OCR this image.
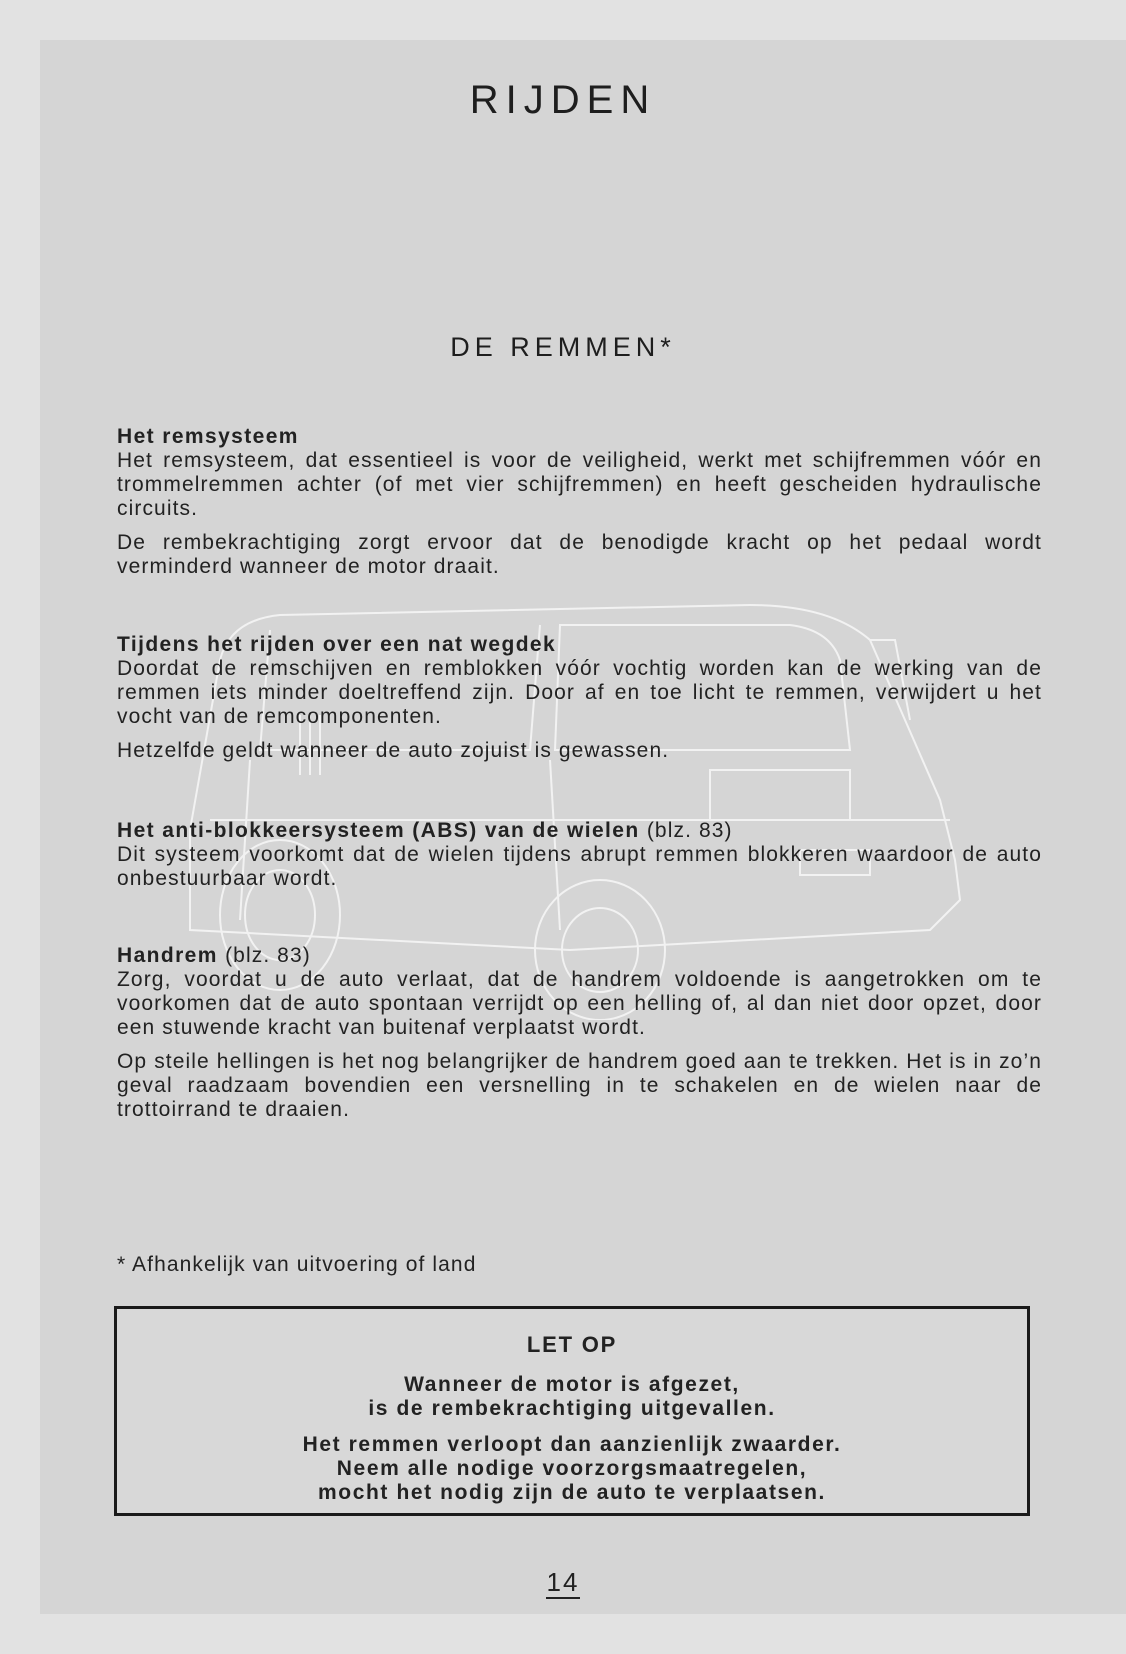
RIJDEN
DE REMMEN*
Het remsysteem

Het remsysteem, dat essentieel is voor de veiligheid, werkt met schijfremmen vóór en trommelremmen achter (of met vier schijfremmen) en heeft gescheiden hydraulische circuits.

De rembekrachtiging zorgt ervoor dat de benodigde kracht op het pedaal wordt verminderd wanneer de motor draait.

Tijdens het rijden over een nat wegdek

Doordat de remschijven en remblokken vóór vochtig worden kan de werking van de remmen iets minder doeltreffend zijn. Door af en toe licht te remmen, verwijdert u het vocht van de remcomponenten.

Hetzelfde geldt wanneer de auto zojuist is gewassen.

Het anti-blokkeersysteem (ABS) van de wielen (blz. 83)

Dit systeem voorkomt dat de wielen tijdens abrupt remmen blokkeren waardoor de auto onbestuurbaar wordt.

Handrem (blz. 83)

Zorg, voordat u de auto verlaat, dat de handrem voldoende is aangetrokken om te voorkomen dat de auto spontaan verrijdt op een helling of, al dan niet door opzet, door een stuwende kracht van buitenaf verplaatst wordt.

Op steile hellingen is het nog belangrijker de handrem goed aan te trekken. Het is in zo’n geval raadzaam bovendien een versnelling in te schakelen en de wielen naar de trottoirrand te draaien.

* Afhankelijk van uitvoering of land

LET OP

Wanneer de motor is afgezet,
is de rembekrachtiging uitgevallen.

Het remmen verloopt dan aanzienlijk zwaarder.
Neem alle nodige voorzorgsmaatregelen,
mocht het nodig zijn de auto te verplaatsen.

14
